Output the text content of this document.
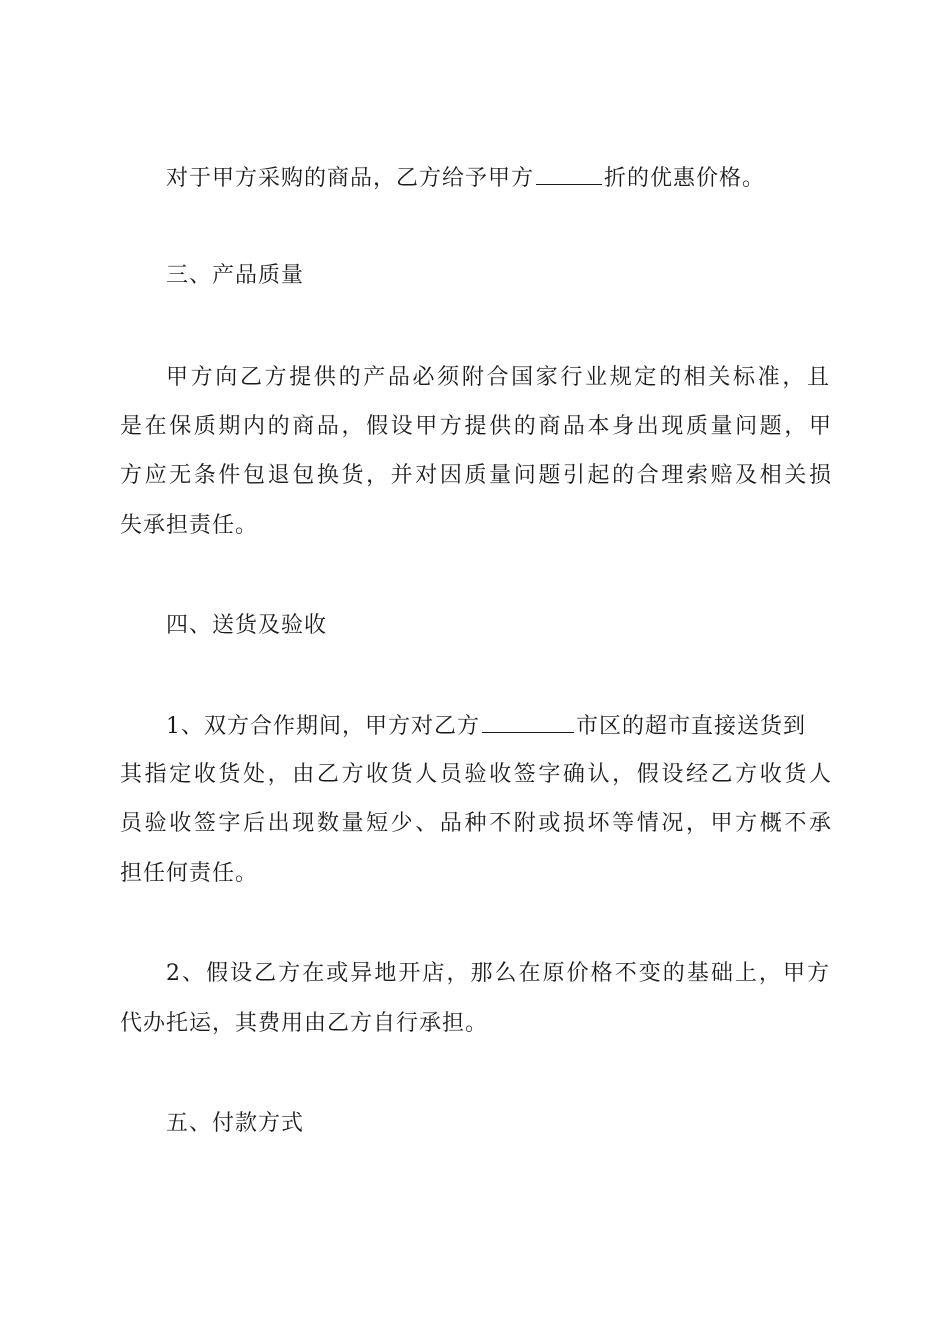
对于甲方采购的商品，乙方给予甲方	折的优惠价格。
三、产品质量
甲方向乙方提供的产品必须附合国家行业规定的相关标准，且
是在保质期内的商品，假设甲方提供的商品本身出现质量问题，甲
方应无条件包退包换货，并对因质量问题引起的合理索赔及相关损
失承担责任。
四、送货及验收
1、双方合作期间，甲方对乙方	市区的超市直接送货到
其指定收货处，由乙方收货人员验收签字确认，假设经乙方收货人
员验收签字后出现数量短少、品种不附或损坏等情况，甲方概不承
担任何责任。
2、假设乙方在或异地开店，那么在原价格不变的基础上，甲方
代办托运，其费用由乙方自行承担。
五、付款方式
